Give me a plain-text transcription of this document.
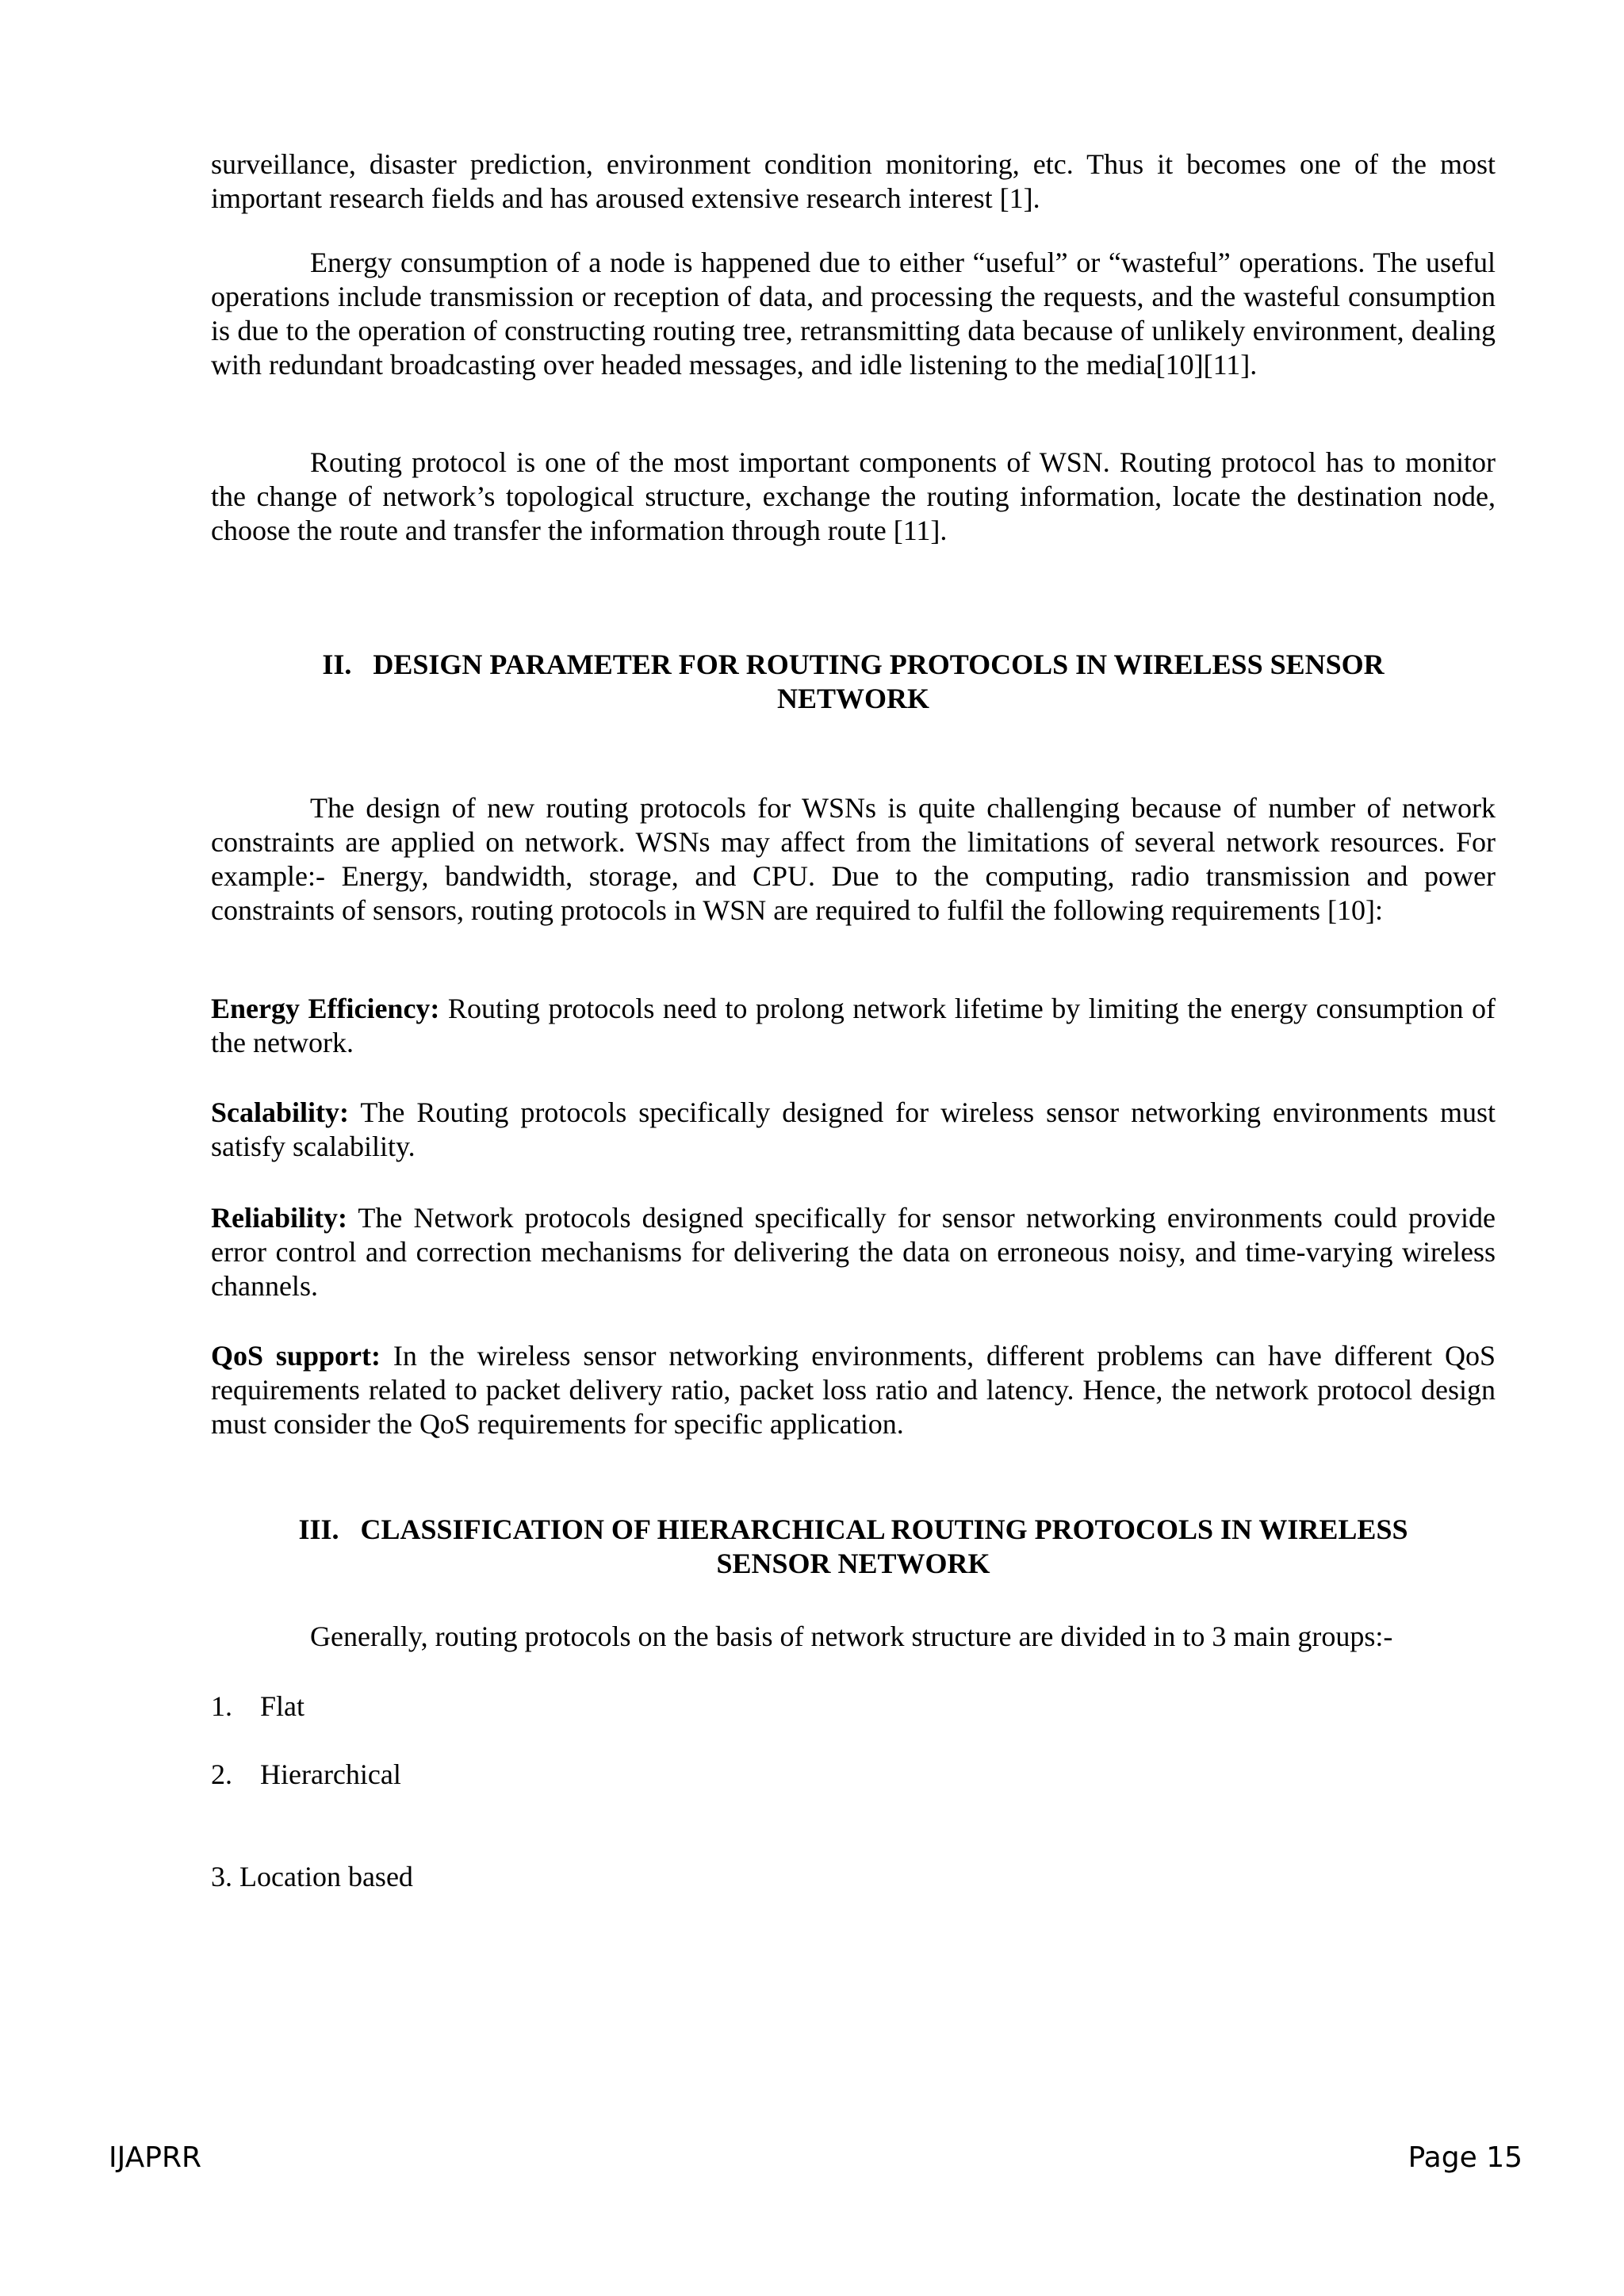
surveillance, disaster prediction, environment condition monitoring, etc. Thus it becomes one of the most important research fields and has aroused extensive research interest [1].

Energy consumption of a node is happened due to either “useful” or “wasteful” operations. The useful operations include transmission or reception of data, and processing the requests, and the wasteful consumption is due to the operation of constructing routing tree, retransmitting data because of unlikely environment, dealing with redundant broadcasting over headed messages, and idle listening to the media[10][11].

Routing protocol is one of the most important components of WSN. Routing protocol has to monitor the change of network’s topological structure, exchange the routing information, locate the destination node, choose the route and transfer the information through route [11].

II.   DESIGN PARAMETER FOR ROUTING PROTOCOLS IN WIRELESS SENSOR
NETWORK

The design of new routing protocols for WSNs is quite challenging because of number of network constraints are applied on network. WSNs may affect from the limitations of several network resources. For example:- Energy, bandwidth, storage, and CPU. Due to the computing, radio transmission and power constraints of sensors, routing protocols in WSN are required to fulfil the following requirements [10]:

Energy Efficiency: Routing protocols need to prolong network lifetime by limiting the energy consumption of the network.

Scalability: The Routing protocols specifically designed for wireless sensor networking environments must satisfy scalability.

Reliability: The Network protocols designed specifically for sensor networking environments could provide error control and correction mechanisms for delivering the data on erroneous noisy, and time-varying wireless channels.

QoS support: In the wireless sensor networking environments, different problems can have different QoS requirements related to packet delivery ratio, packet loss ratio and latency. Hence, the network protocol design must consider the QoS requirements for specific application.

III.   CLASSIFICATION OF HIERARCHICAL ROUTING PROTOCOLS IN WIRELESS
SENSOR NETWORK

Generally, routing protocols on the basis of network structure are divided in to 3 main groups:-

1. Flat

2. Hierarchical

3. Location based

IJAPRR	Page 15
